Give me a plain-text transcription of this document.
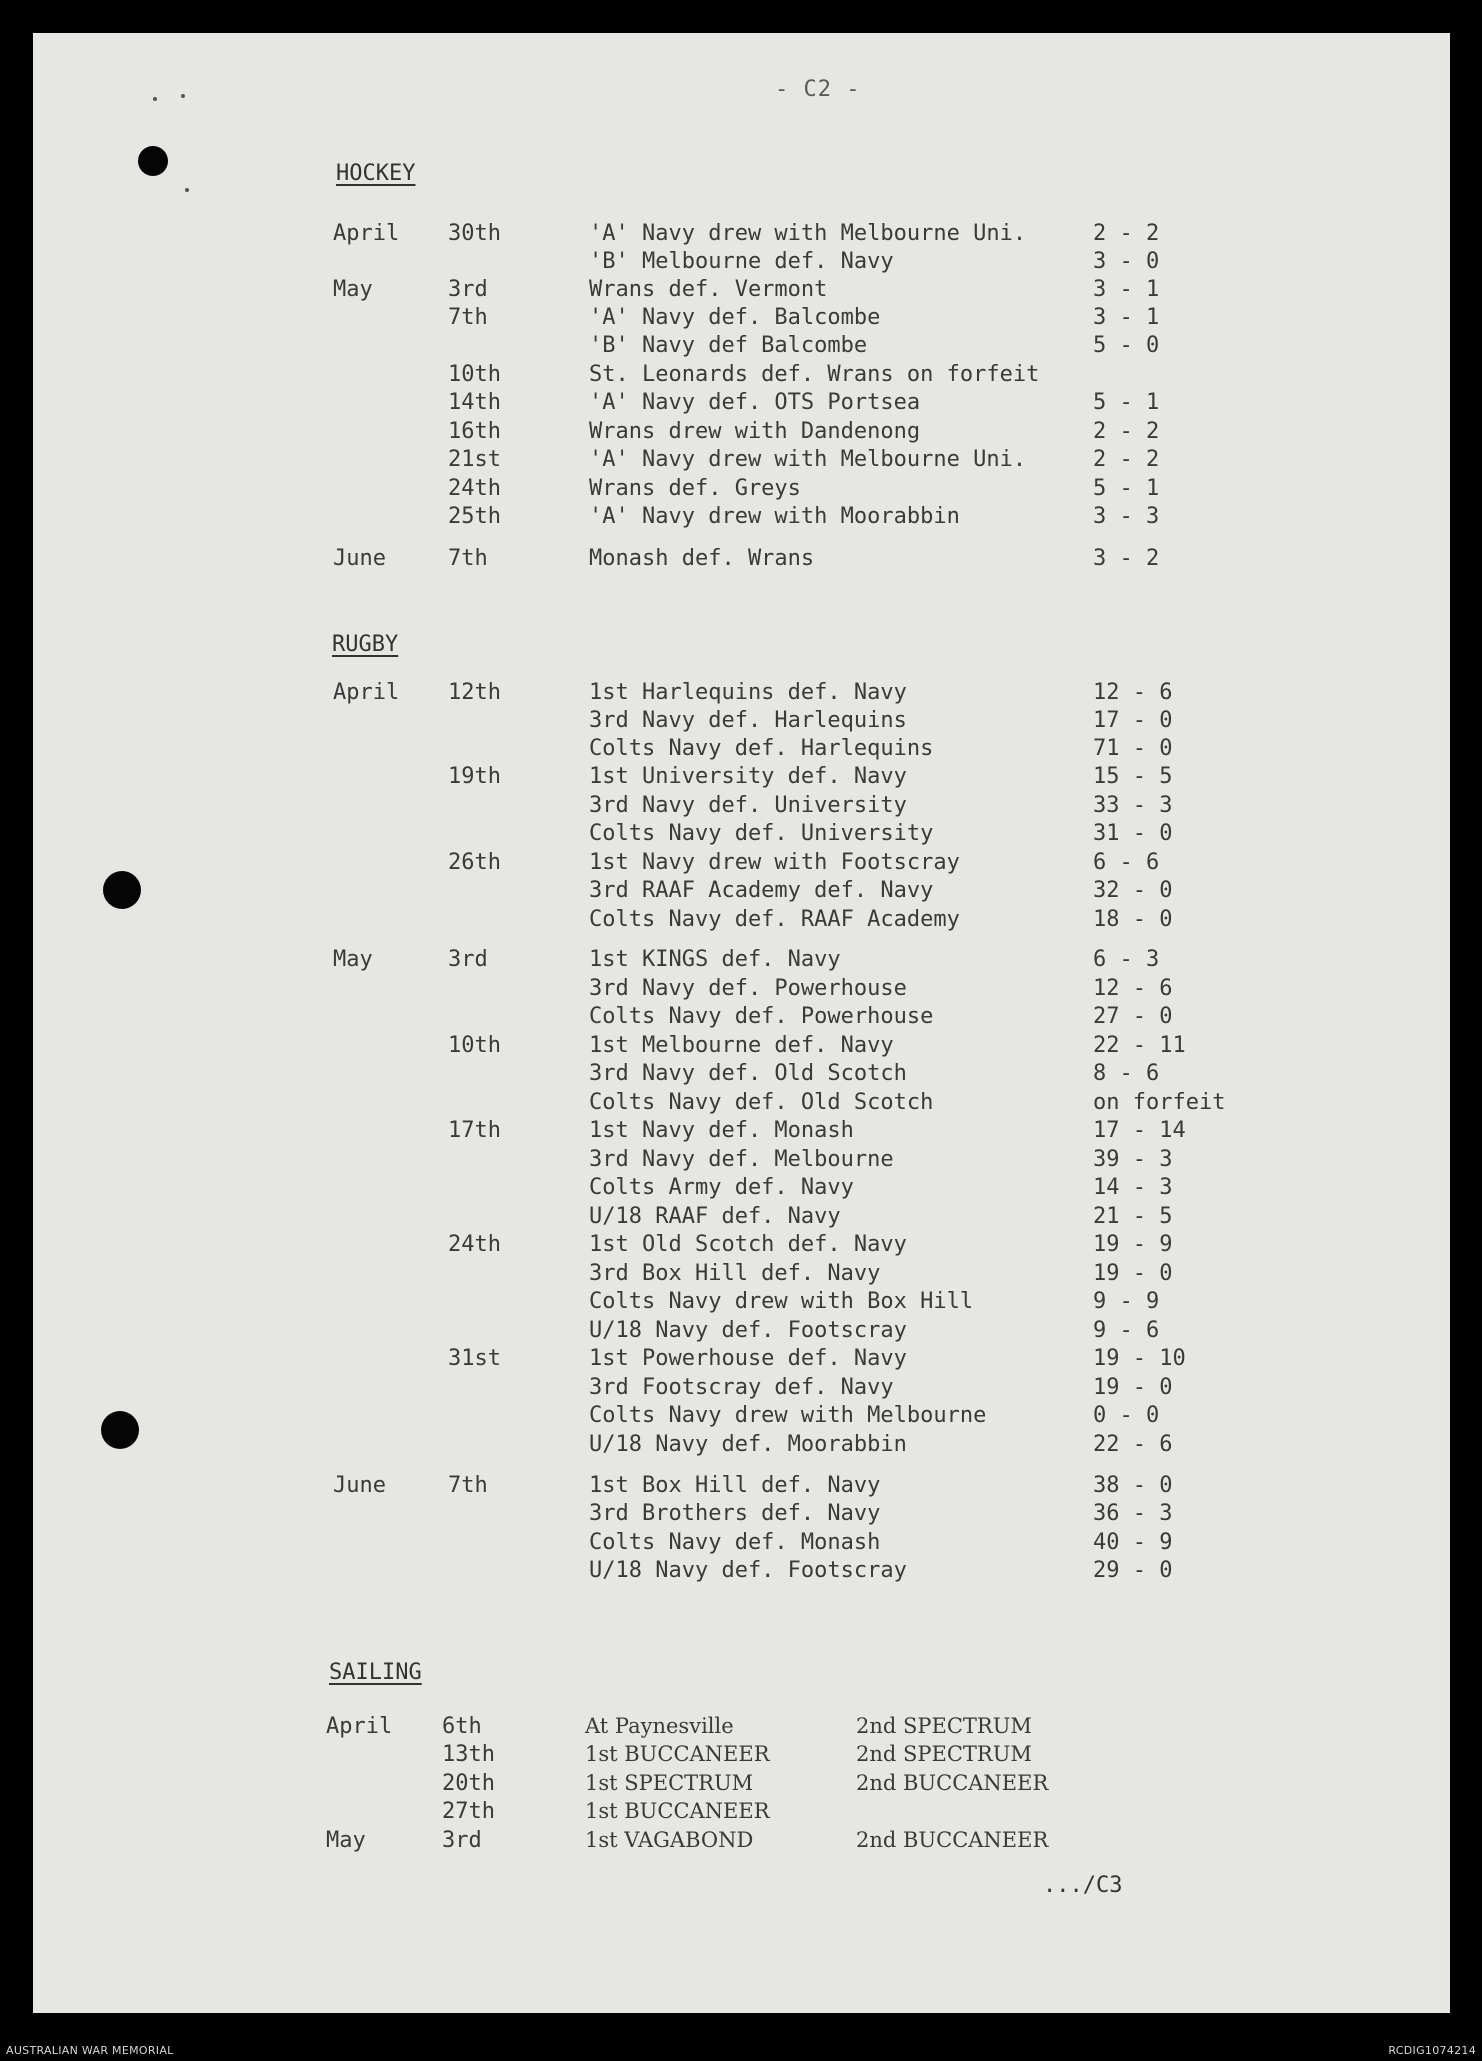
- C2 -
HOCKEY
April 30th	'A' Navy drew with Melbourne Uni.	2 - 2
'B' Melbourne def. Navy	3 - 0
May	3rd	Wrans def. Vermont	3 - 1
7th	'A' Navy def. Balcombe	3 - 1
'B' Navy def Balcombe	5 - 0
10th	St. Leonards def. Wrans on forfeit
14th	'A' Navy def. OTS Portsea	5 - 1
16th	Wrans drew with Dandenong	2 - 2
21st	'A' Navy drew with Melbourne Uni.	2 - 2
24th	Wrans def. Greys	5 - 1
25th	'A' Navy drew with Moorabbin	3 - 3
June	7th	Monash def. Wrans	3 - 2
RUGBY
April 12th	1st Harlequins def. Navy	12 - 6
3rd Navy def. Harlequins	17 - 0
Colts Navy def. Harlequins	71 - 0
19th	1st University def. Navy	15 - 5
3rd Navy def. University	33 - 3
Colts Navy def. University	31 - 0
26th	1st Navy drew with Footscray	6 - 6
3rd RAAF Academy def. Navy	32 - 0
Colts Navy def. RAAF Academy	18 - 0
May	3rd	1st KINGS def. Navy	6 - 3
3rd Navy def. Powerhouse	12 - 6
Colts Navy def. Powerhouse	27 - 0
10th	1st Melbourne def. Navy	22 - 11
3rd Navy def. Old Scotch	8 - 6
Colts Navy def. Old Scotch	on forfeit
17th	1st Navy def. Monash	17 - 14
3rd Navy def. Melbourne	39 - 3
Colts Army def. Navy	14 - 3
U/18 RAAF def. Navy	21 - 5
24th	1st Old Scotch def. Navy	19 - 9
3rd Box Hill def. Navy	19 - 0
Colts Navy drew with Box Hill	9 - 9
U/18 Navy def. Footscray	9 - 6
31st	1st Powerhouse def. Navy	19 - 10
3rd Footscray def. Navy	19 - 0
Colts Navy drew with Melbourne	0 - 0
U/18 Navy def. Moorabbin	22 - 6
June	7th	1st Box Hill def. Navy	38 - 0
3rd Brothers def. Navy	36 - 3
Colts Navy def. Monash	40 - 9
U/18 Navy def. Footscray	29 - 0
SAILING
April 6th	At Paynesville	2nd SPECTRUM
13th	1st BUCCANEER	2nd SPECTRUM
20th	1st SPECTRUM	2nd BUCCANEER
27th	1st BUCCANEER
May	3rd	1st VAGABOND	2nd BUCCANEER
.../C3
AUSTRALIAN WAR MEMORIAL	RCDIG1074214
